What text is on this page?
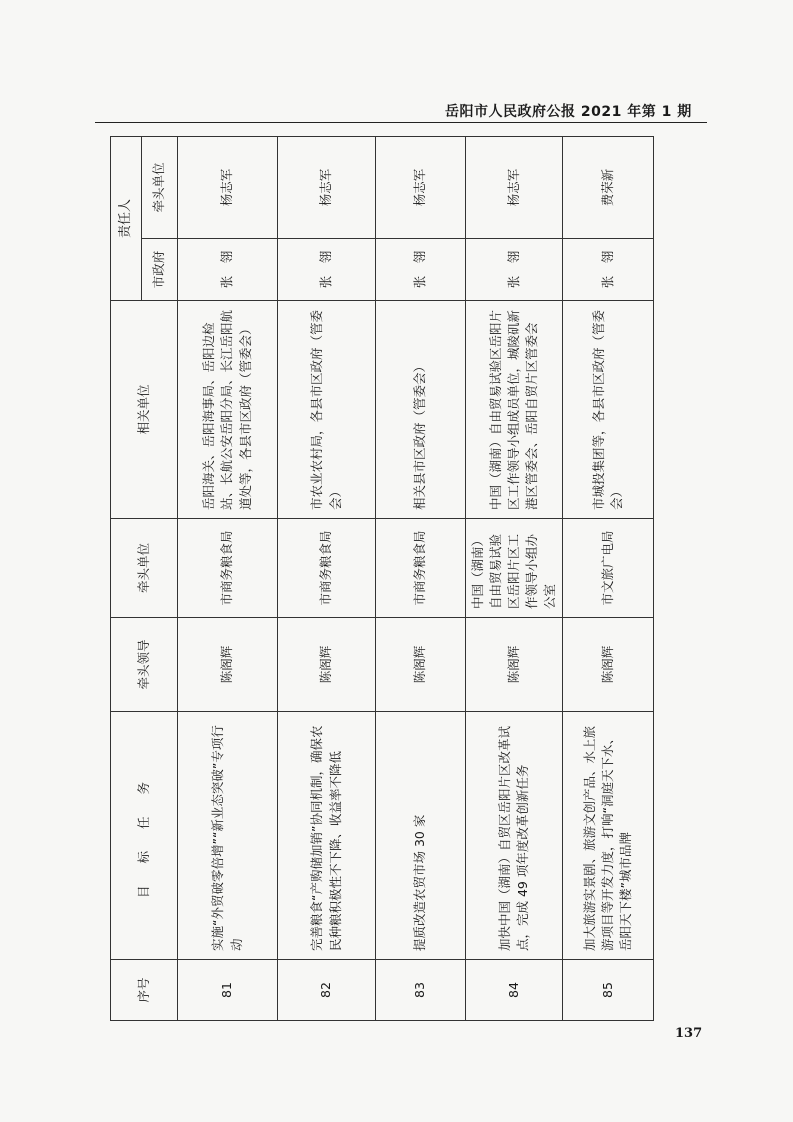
岳阳市人民政府公报 2021 年第 1 期
序号	目 标 任 务	牵头领导	牵头单位	相关单位	责任人	
					市政府	牵头单位
81	实施“外贸破零倍增”“新业态突破”专项行动	陈阁辉	市商务粮食局	岳阳海关、岳阳海事局、岳阳边检站、长航公安岳阳分局、长江岳阳航道处等，各县市区政府（管委会）	张　翎	杨志军
82	完善粮食“产购储加销”协同机制，确保农民种粮积极性不下降、收益率不降低	陈阁辉	市商务粮食局	市农业农村局，各县市区政府（管委会）	张　翎	杨志军
83	提质改造农贸市场 30 家	陈阁辉	市商务粮食局	相关县市区政府（管委会）	张　翎	杨志军
84	加快中国（湖南）自贸区岳阳片区改革试点，完成 49 项年度改革创新任务	陈阁辉	中国（湖南）自由贸易试验区岳阳片区工作领导小组办公室	中国（湖南）自由贸易试验区岳阳片区工作领导小组成员单位，城陵矶新港区管委会、岳阳自贸片区管委会	张　翎	杨志军
85	加大旅游实景剧、旅游文创产品、水上旅游项目等开发力度，打响“洞庭天下水、岳阳天下楼”城市品牌	陈阁辉	市文旅广电局	市城投集团等，各县市区政府（管委会）	张　翎	费荣新
137
